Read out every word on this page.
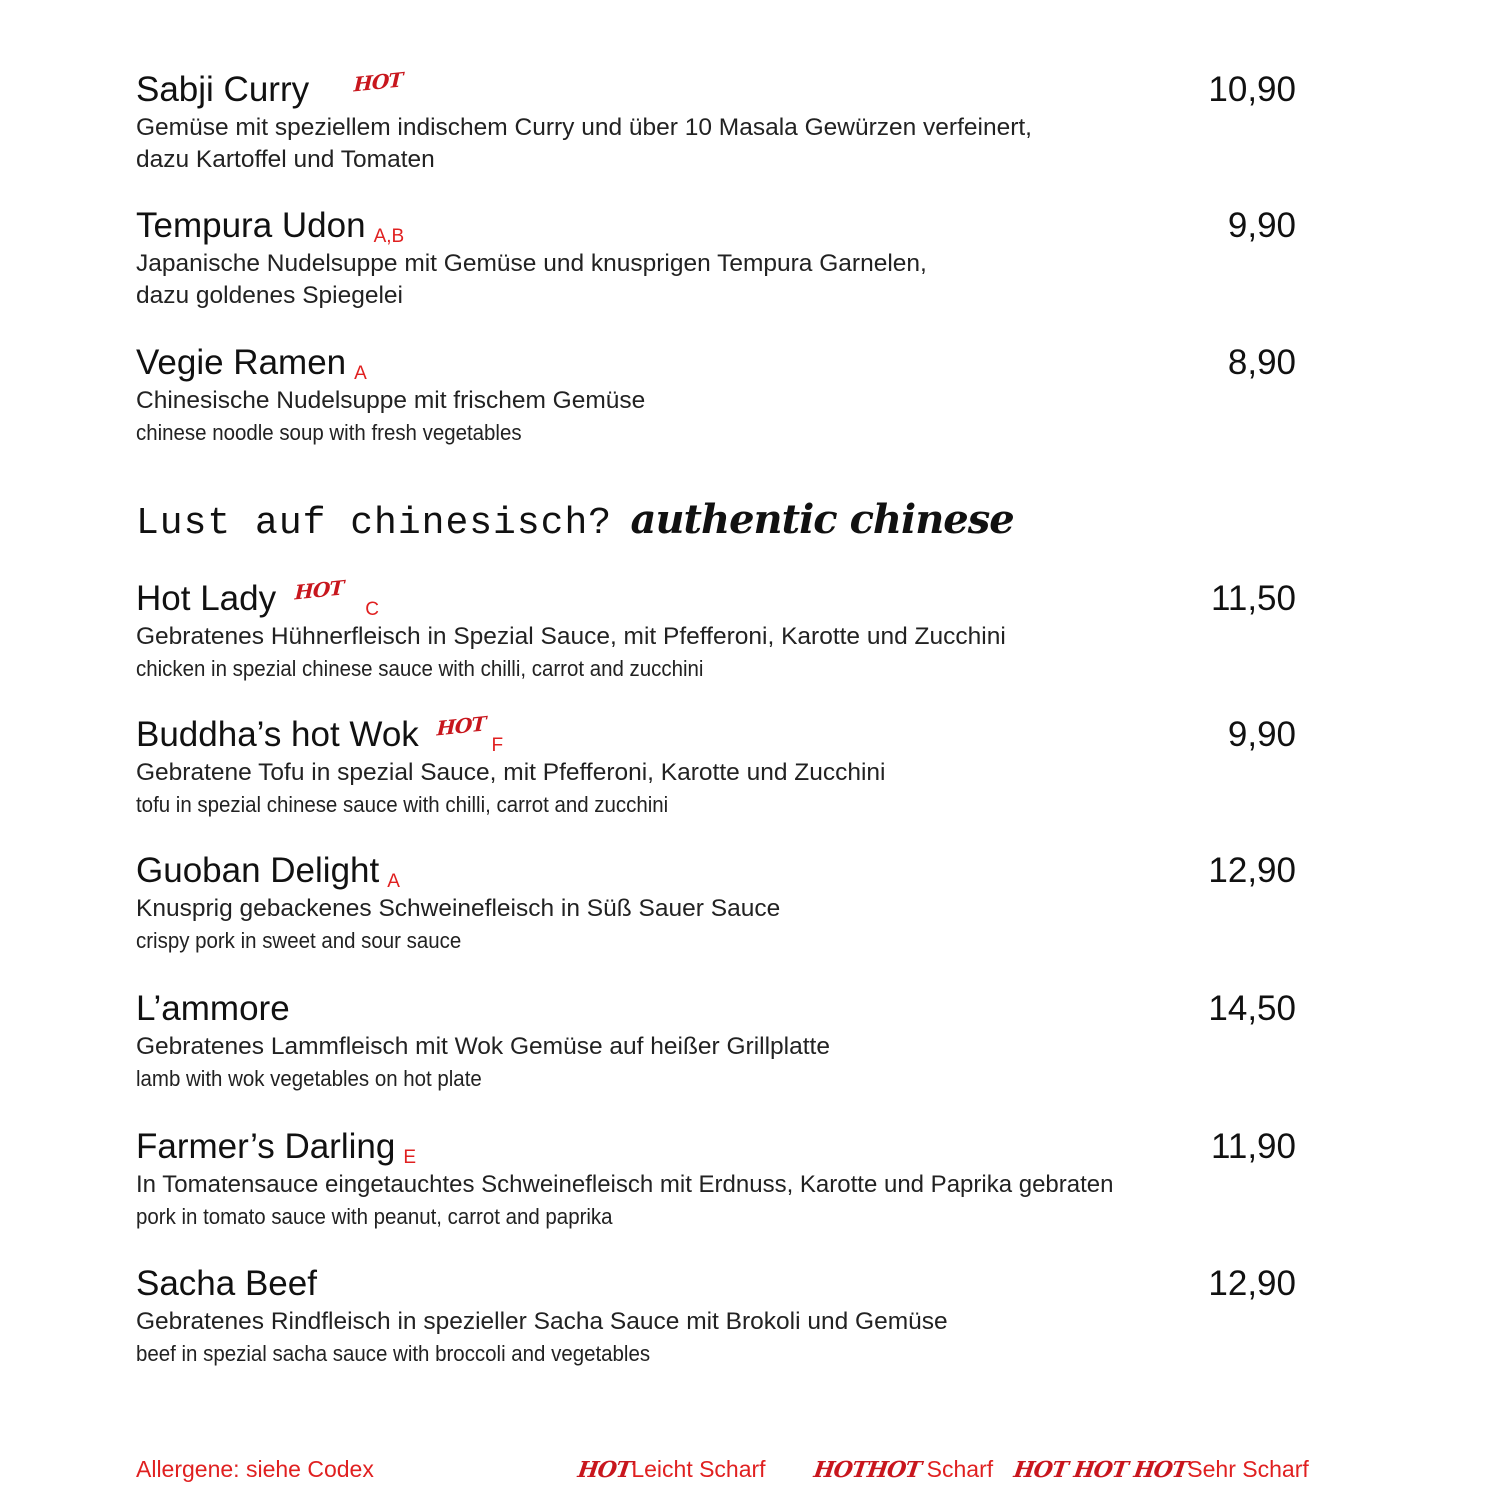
Sabji Curry HOT	10,90
Gemüse mit speziellem indischem Curry und über 10 Masala Gewürzen verfeinert,
dazu Kartoffel und Tomaten
Tempura Udon A,B	9,90
Japanische Nudelsuppe mit Gemüse und knusprigen Tempura Garnelen,
dazu goldenes Spiegelei
Vegie Ramen A	8,90
Chinesische Nudelsuppe mit frischem Gemüse
chinese noodle soup with fresh vegetables
Lust auf chinesisch? authentic chinese
Hot Lady HOT C	11,50
Gebratenes Hühnerfleisch in Spezial Sauce, mit Pfefferoni, Karotte und Zucchini
chicken in spezial chinese sauce with chilli, carrot and zucchini
Buddha’s hot Wok HOTF	9,90
Gebratene Tofu in spezial Sauce, mit Pfefferoni, Karotte und Zucchini
tofu in spezial chinese sauce with chilli, carrot and zucchini
Guoban Delight A	12,90
Knusprig gebackenes Schweinefleisch in Süß Sauer Sauce
crispy pork in sweet and sour sauce
L’ammore	14,50
Gebratenes Lammfleisch mit Wok Gemüse auf heißer Grillplatte
lamb with wok vegetables on hot plate
Farmer’s Darling E	11,90
In Tomatensauce eingetauchtes Schweinefleisch mit Erdnuss, Karotte und Paprika gebraten
pork in tomato sauce with peanut, carrot and paprika
Sacha Beef	12,90
Gebratenes Rindfleisch in spezieller Sacha Sauce mit Brokoli und Gemüse
beef in spezial sacha sauce with broccoli and vegetables
Allergene: siehe Codex	HOTLeicht Scharf HOTHOT Scharf HOT HOT HOTSehr Scharf
